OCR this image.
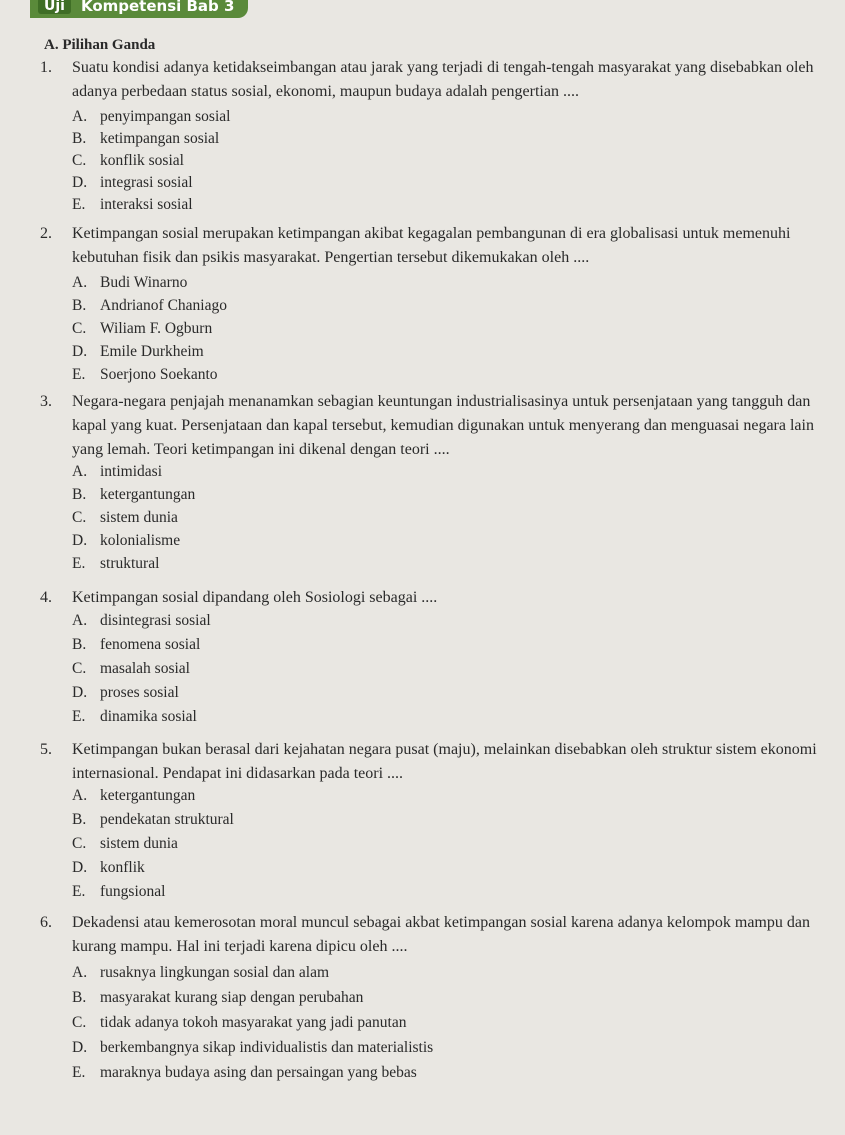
Uji	Kompetensi Bab 3
A. Pilihan Ganda
1. Suatu kondisi adanya ketidakseimbangan atau jarak yang terjadi di tengah-tengah masyarakat yang disebabkan oleh adanya perbedaan status sosial, ekonomi, maupun budaya adalah pengertian ....
A. penyimpangan sosial
B. ketimpangan sosial
C. konflik sosial
D. integrasi sosial
E. interaksi sosial
2. Ketimpangan sosial merupakan ketimpangan akibat kegagalan pembangunan di era globalisasi untuk memenuhi kebutuhan fisik dan psikis masyarakat. Pengertian tersebut dikemukakan oleh ....
A. Budi Winarno
B. Andrianof Chaniago
C. Wiliam F. Ogburn
D. Emile Durkheim
E. Soerjono Soekanto
3. Negara-negara penjajah menanamkan sebagian keuntungan industrialisasinya untuk persenjataan yang tangguh dan kapal yang kuat. Persenjataan dan kapal tersebut, kemudian digunakan untuk menyerang dan menguasai negara lain yang lemah. Teori ketimpangan ini dikenal dengan teori ....
A. intimidasi
B. ketergantungan
C. sistem dunia
D. kolonialisme
E. struktural
4. Ketimpangan sosial dipandang oleh Sosiologi sebagai ....
A. disintegrasi sosial
B. fenomena sosial
C. masalah sosial
D. proses sosial
E. dinamika sosial
5. Ketimpangan bukan berasal dari kejahatan negara pusat (maju), melainkan disebabkan oleh struktur sistem ekonomi internasional. Pendapat ini didasarkan pada teori ....
A. ketergantungan
B. pendekatan struktural
C. sistem dunia
D. konflik
E. fungsional
6. Dekadensi atau kemerosotan moral muncul sebagai akbat ketimpangan sosial karena adanya kelompok mampu dan kurang mampu. Hal ini terjadi karena dipicu oleh ....
A. rusaknya lingkungan sosial dan alam
B. masyarakat kurang siap dengan perubahan
C. tidak adanya tokoh masyarakat yang jadi panutan
D. berkembangnya sikap individualistis dan materialistis
E. maraknya budaya asing dan persaingan yang bebas
